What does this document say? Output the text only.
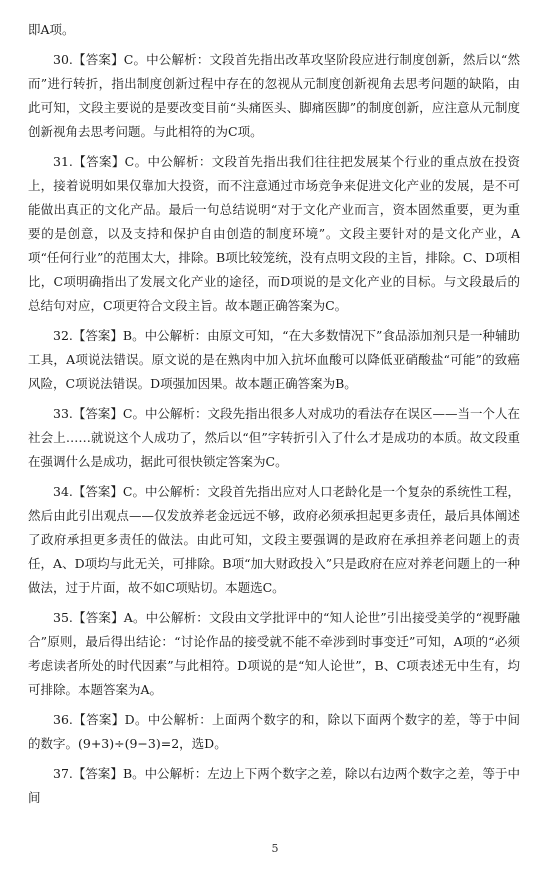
即A项。

30.【答案】C。中公解析：文段首先指出改革攻坚阶段应进行制度创新，然后以“然而”进行转折，指出制度创新过程中存在的忽视从元制度创新视角去思考问题的缺陷，由此可知，文段主要说的是要改变目前“头痛医头、脚痛医脚”的制度创新，应注意从元制度创新视角去思考问题。与此相符的为C项。

31.【答案】C。中公解析：文段首先指出我们往往把发展某个行业的重点放在投资上，接着说明如果仅靠加大投资，而不注意通过市场竞争来促进文化产业的发展，是不可能做出真正的文化产品。最后一句总结说明“对于文化产业而言，资本固然重要，更为重要的是创意，以及支持和保护自由创造的制度环境”。文段主要针对的是文化产业，A项“任何行业”的范围太大，排除。B项比较笼统，没有点明文段的主旨，排除。C、D项相比，C项明确指出了发展文化产业的途径，而D项说的是文化产业的目标。与文段最后的总结句对应，C项更符合文段主旨。故本题正确答案为C。

32.【答案】B。中公解析：由原文可知，“在大多数情况下”食品添加剂只是一种辅助工具，A项说法错误。原文说的是在熟肉中加入抗坏血酸可以降低亚硝酸盐“可能”的致癌风险，C项说法错误。D项强加因果。故本题正确答案为B。

33.【答案】C。中公解析：文段先指出很多人对成功的看法存在误区——当一个人在社会上……就说这个人成功了，然后以“但”字转折引入了什么才是成功的本质。故文段重在强调什么是成功，据此可很快锁定答案为C。

34.【答案】C。中公解析：文段首先指出应对人口老龄化是一个复杂的系统性工程，然后由此引出观点——仅发放养老金远远不够，政府必须承担起更多责任，最后具体阐述了政府承担更多责任的做法。由此可知，文段主要强调的是政府在承担养老问题上的责任，A、D项均与此无关，可排除。B项“加大财政投入”只是政府在应对养老问题上的一种做法，过于片面，故不如C项贴切。本题选C。

35.【答案】A。中公解析：文段由文学批评中的“知人论世”引出接受美学的“视野融合”原则，最后得出结论：“讨论作品的接受就不能不牵涉到时事变迁”可知，A项的“必须考虑读者所处的时代因素”与此相符。D项说的是“知人论世”，B、C项表述无中生有，均可排除。本题答案为A。

36.【答案】D。中公解析：上面两个数字的和，除以下面两个数字的差，等于中间的数字。(9+3)÷(9−3)=2，选D。

37.【答案】B。中公解析：左边上下两个数字之差，除以右边两个数字之差，等于中间

5
